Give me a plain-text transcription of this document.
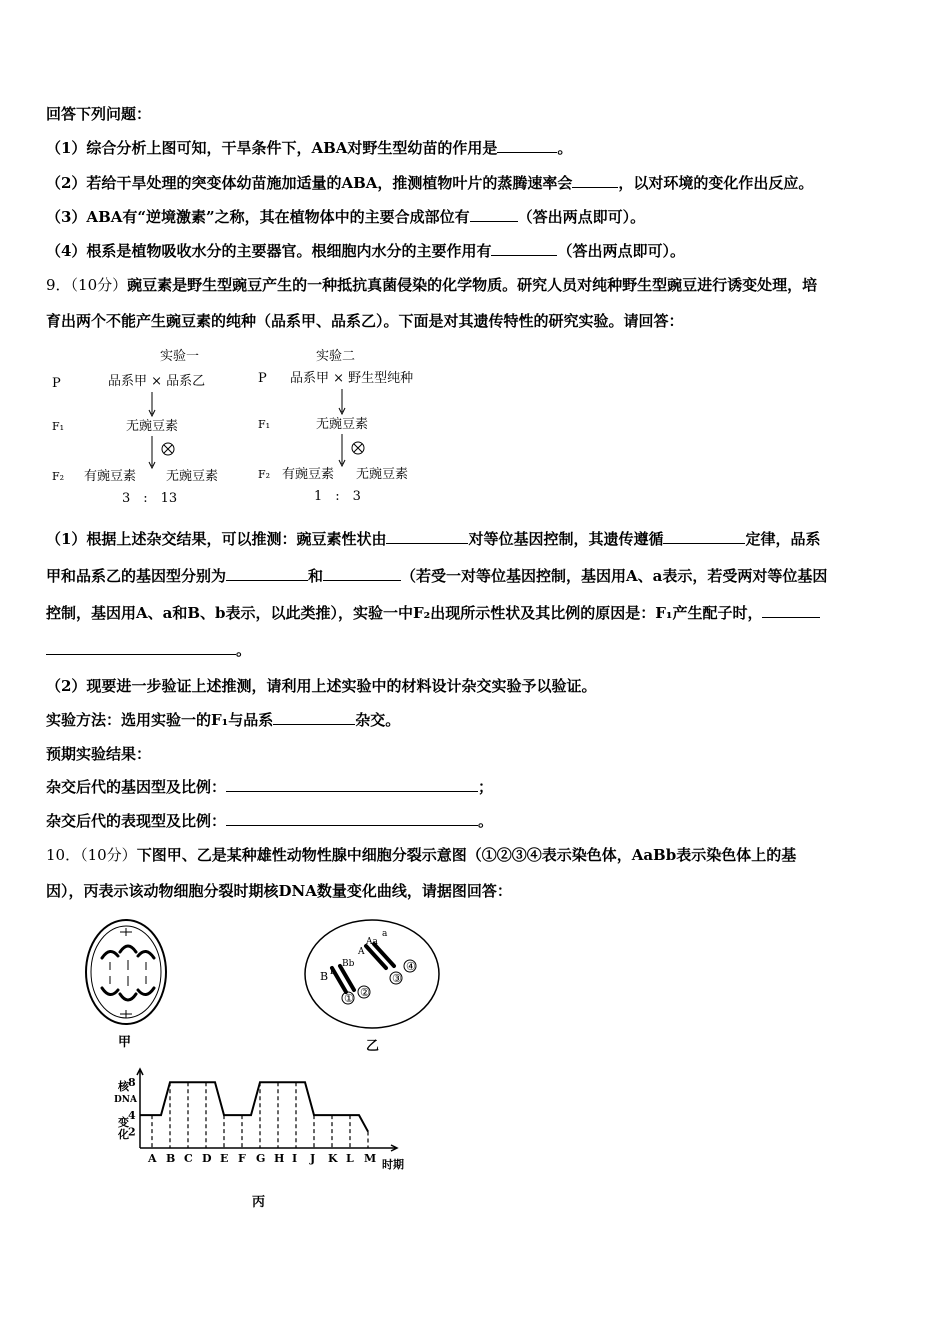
回答下列问题：
（1）综合分析上图可知，干旱条件下，ABA对野生型幼苗的作用是	。
（2）若给干旱处理的突变体幼苗施加适量的ABA，推测植物叶片的蒸腾速率会	，以对环境的变化作出反应。
（3）ABA有“逆境激素”之称，其在植物体中的主要合成部位有	（答出两点即可）。
（4）根系是植物吸收水分的主要器官。根细胞内水分的主要作用有	（答出两点即可）。
9．（10分）豌豆素是野生型豌豆产生的一种抵抗真菌侵染的化学物质。研究人员对纯种野生型豌豆进行诱变处理，培
育出两个不能产生豌豆素的纯种（品系甲、品系乙）。下面是对其遗传特性的研究实验。请回答：
实验一
P	品系甲 × 品系乙
F₁	无豌豆素
F₂ 有豌豆素 无豌豆素
3　:　13
实验二
P 品系甲 × 野生型纯种
F₁	无豌豆素
F₂ 有豌豆素 无豌豆素
1　:　3
（1）根据上述杂交结果，可以推测：豌豆素性状由	对等位基因控制，其遗传遵循	定律，品系
甲和品系乙的基因型分别为	和	（若受一对等位基因控制，基因用A、a表示，若受两对等位基因
控制，基因用A、a和B、b表示，以此类推），实验一中F₂出现所示性状及其比例的原因是：F₁产生配子时，
。
（2）现要进一步验证上述推测，请利用上述实验中的材料设计杂交实验予以验证。
实验方法：选用实验一的F₁与品系	杂交。
预期实验结果：
杂交后代的基因型及比例：	；
杂交后代的表现型及比例：	。
10．（10分）下图甲、乙是某种雄性动物性腺中细胞分裂示意图（①②③④表示染色体，AaBb表示染色体上的基
因），丙表示该动物细胞分裂时期核DNA数量变化曲线，请据图回答：
甲
① ②
③
④
B b
Bb
A
Aa
a
乙
核
DNA
变
化 2
4
8
A B C D E F G H I J K L M 时期
丙
